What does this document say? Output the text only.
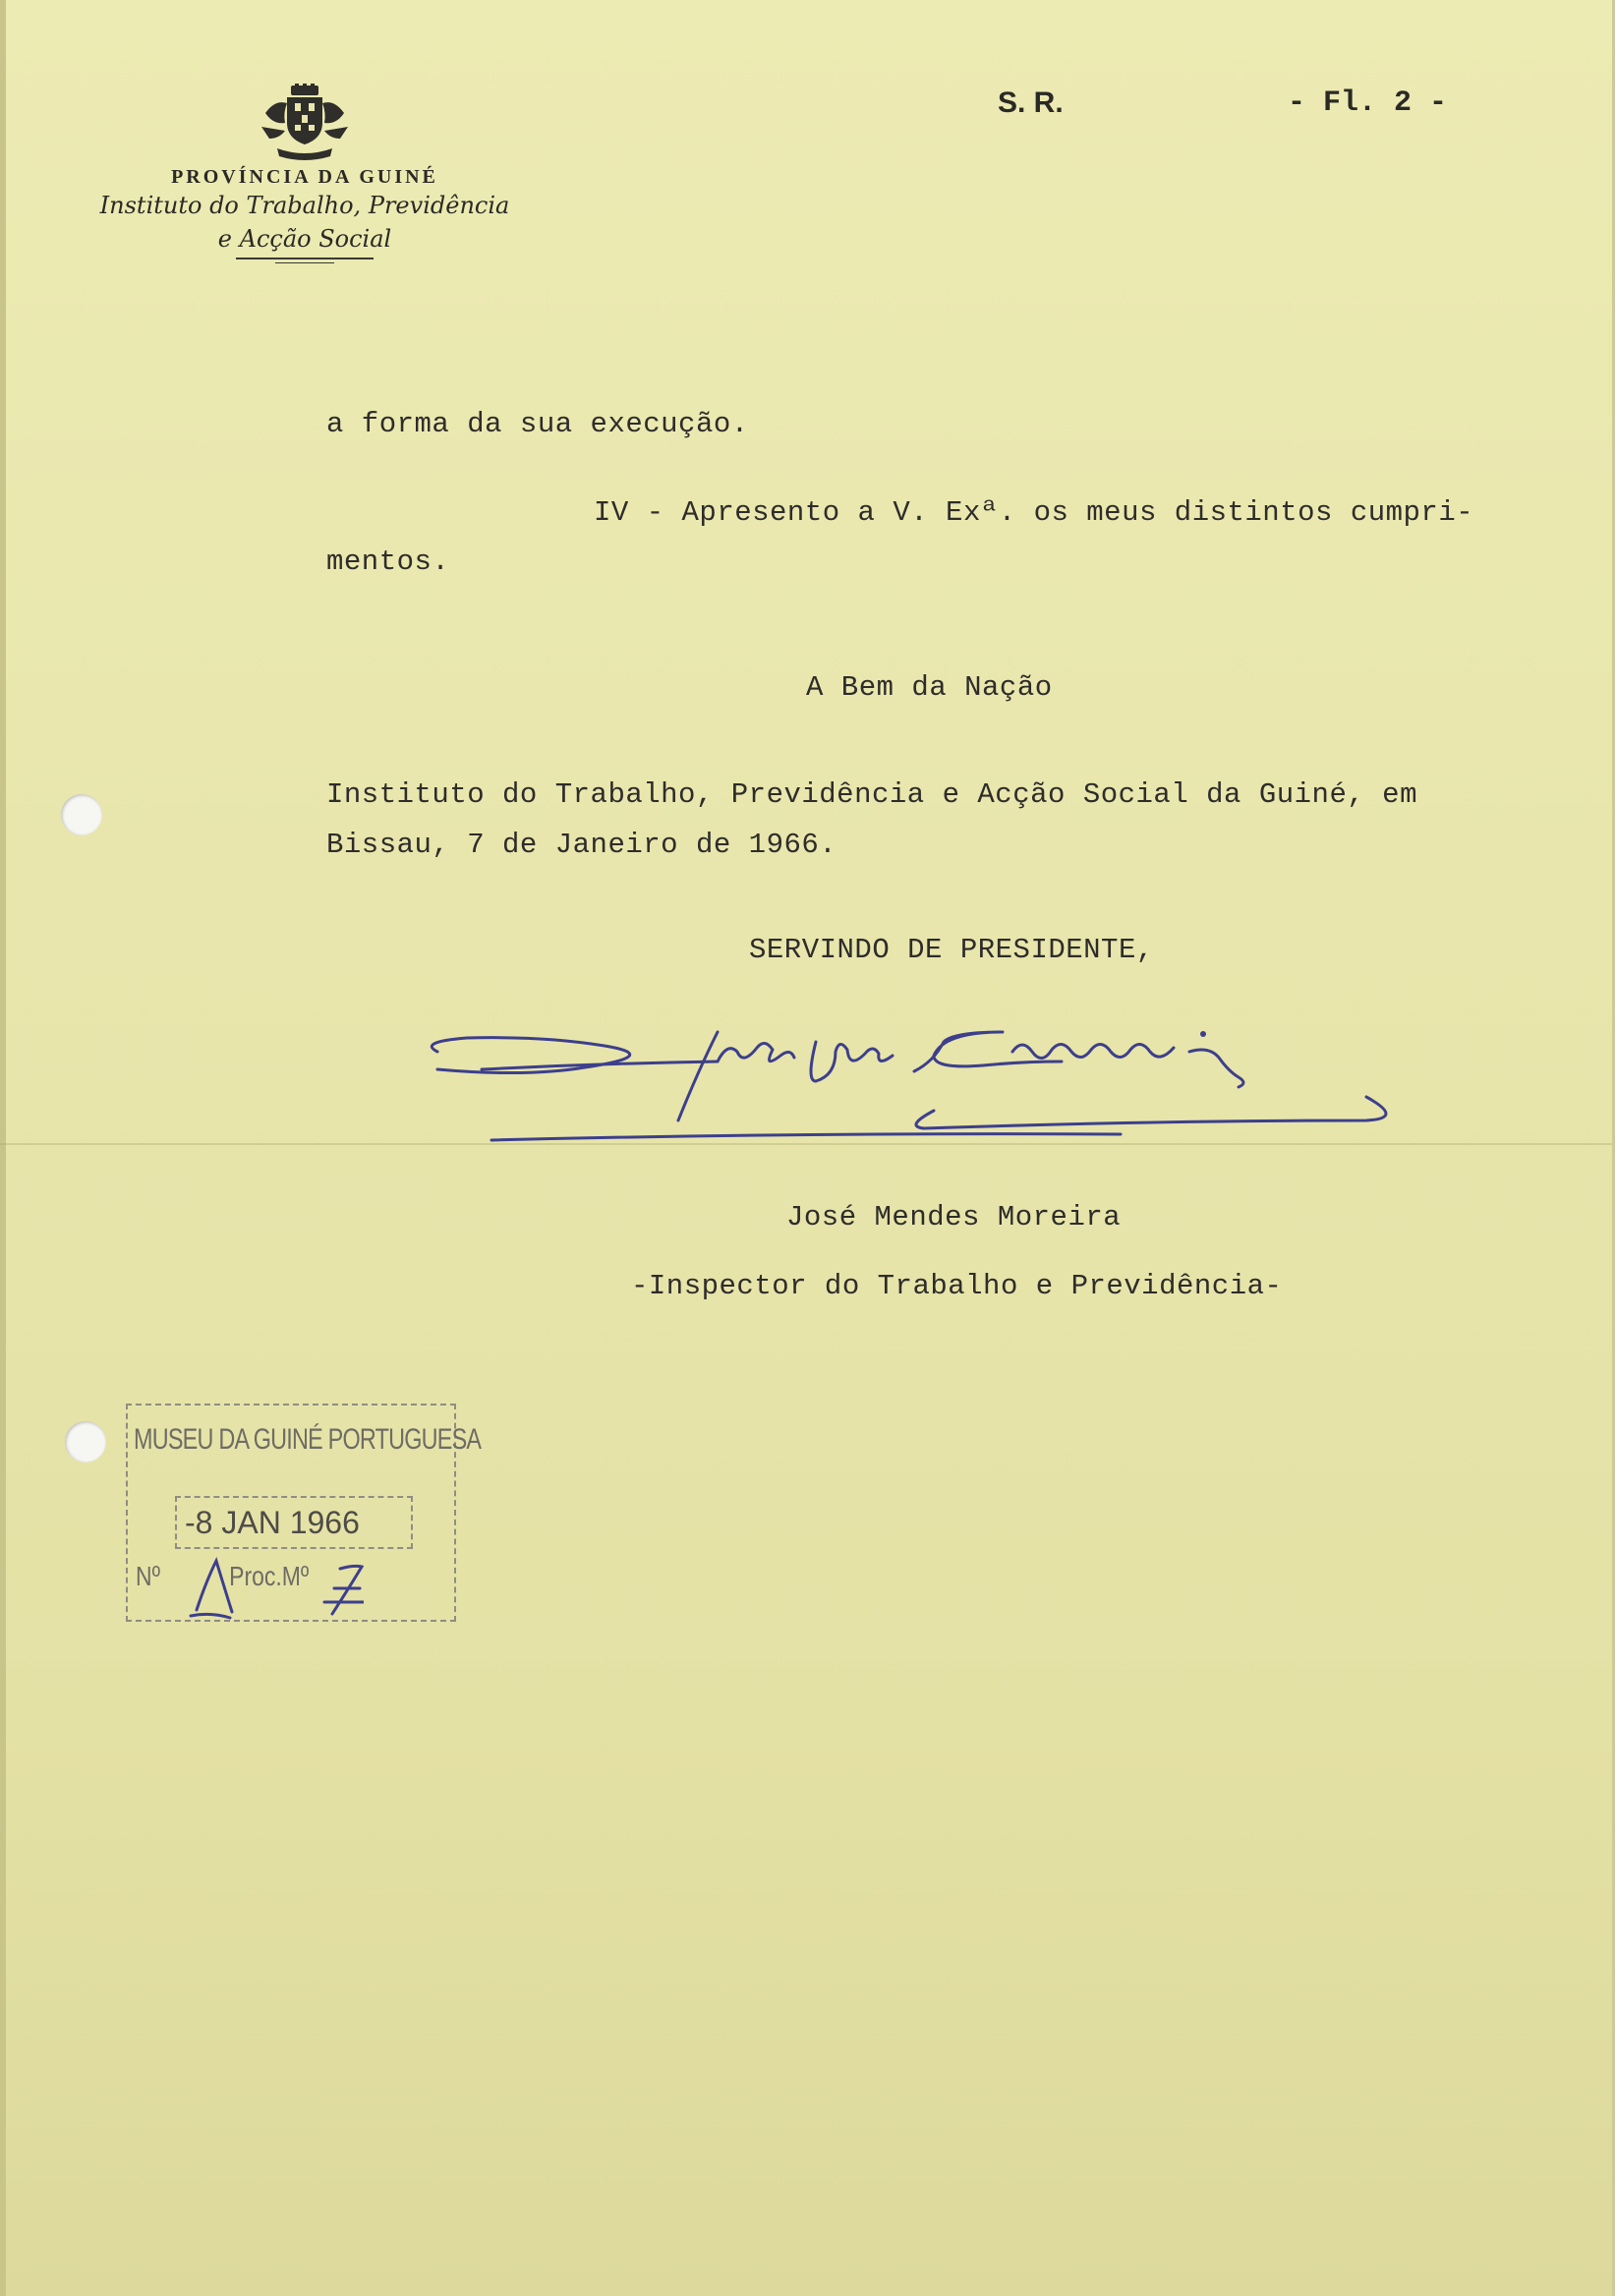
PROVÍNCIA DA GUINÉ
Instituto do Trabalho, Previdência
e Acção Social
S. R.	- Fl. 2 -
a forma da sua execução.
IV - Apresento a V. Exª. os meus distintos cumpri-
mentos.
A Bem da Nação
Instituto do Trabalho, Previdência e Acção Social da Guiné, em
Bissau, 7 de Janeiro de 1966.
SERVINDO DE PRESIDENTE,
José Mendes Moreira
-Inspector do Trabalho e Previdência-
MUSEU DA GUINÉ PORTUGUESA
-8 JAN 1966
Nº	Proc.Mº
